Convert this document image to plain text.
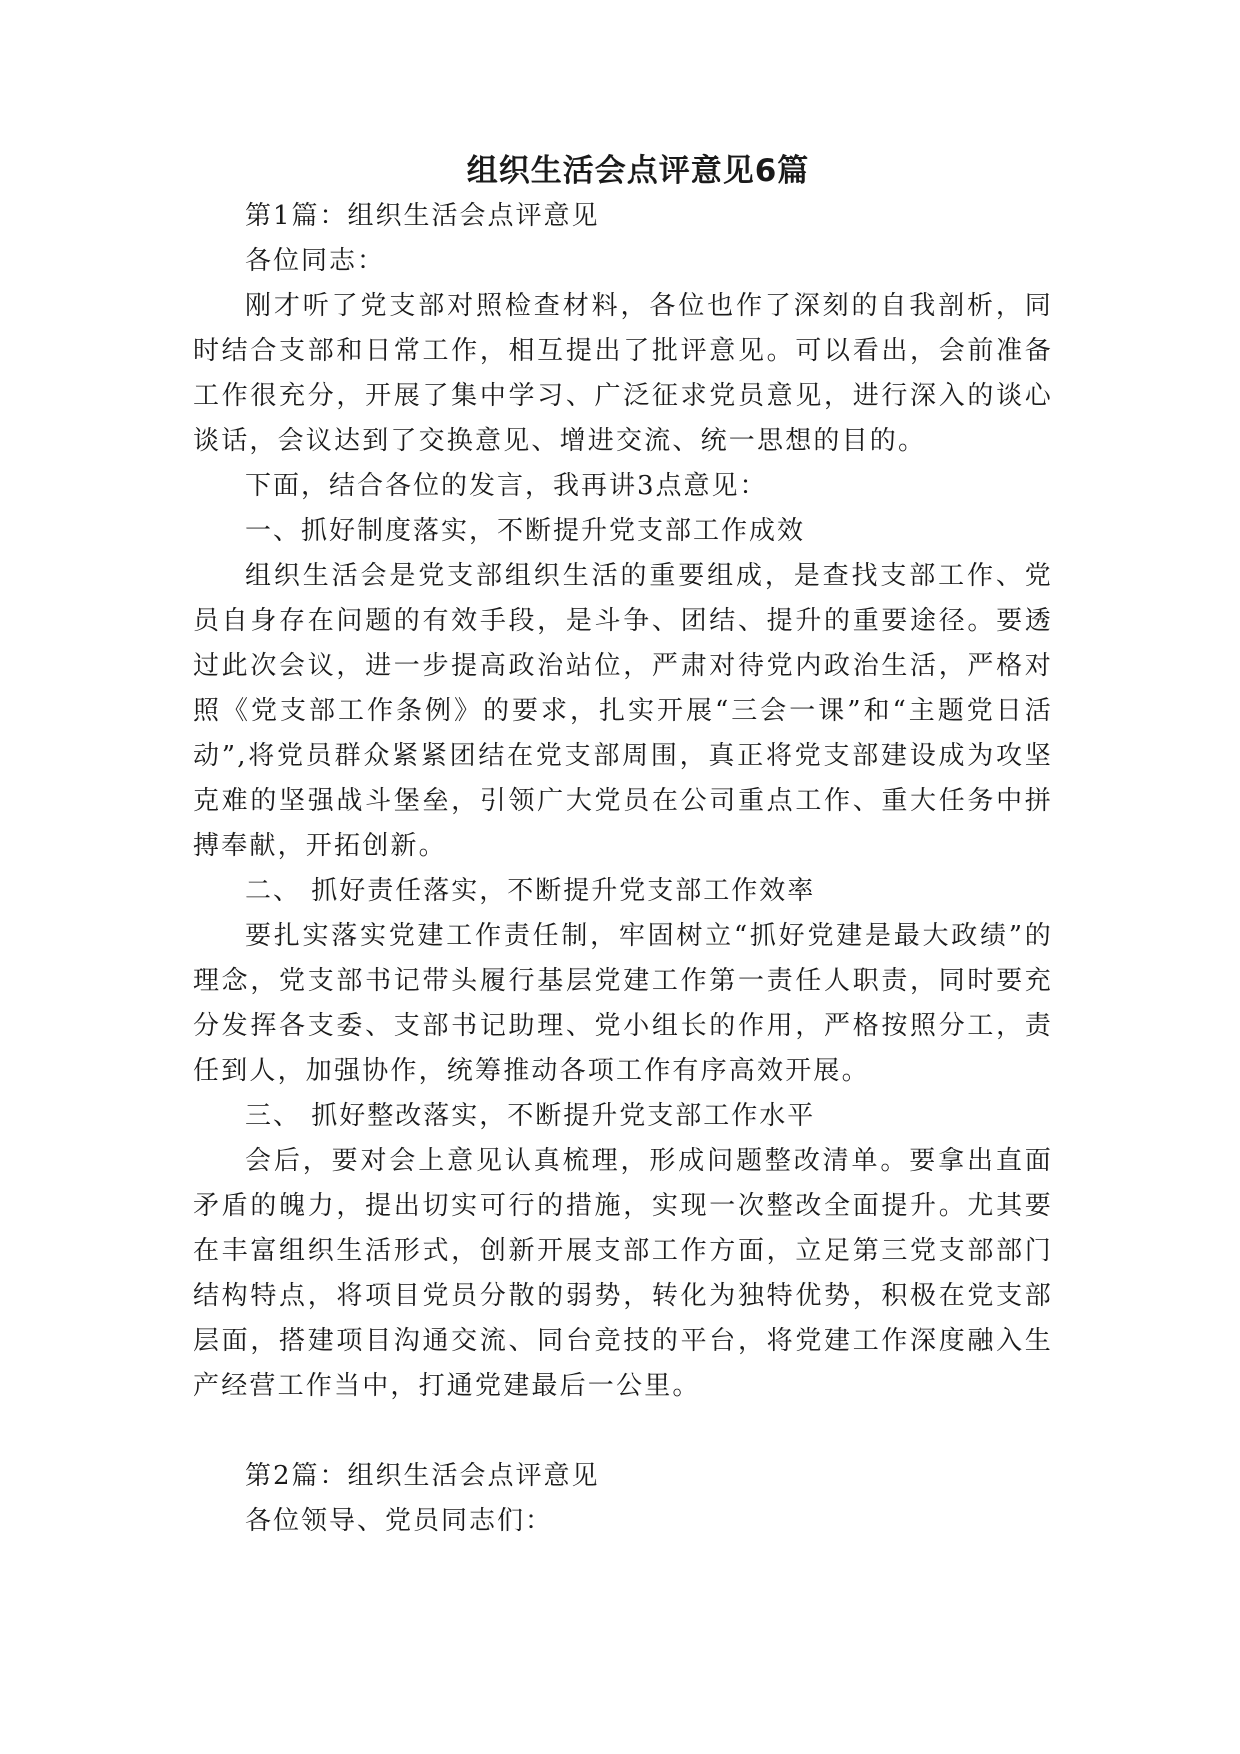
组织生活会点评意见6篇

第1篇：组织生活会点评意见

各位同志：

刚才听了党支部对照检查材料，各位也作了深刻的自我剖析，同时结合支部和日常工作，相互提出了批评意见。可以看出，会前准备工作很充分，开展了集中学习、广泛征求党员意见，进行深入的谈心谈话，会议达到了交换意见、增进交流、统一思想的目的。

下面，结合各位的发言，我再讲3点意见：

一、抓好制度落实，不断提升党支部工作成效

组织生活会是党支部组织生活的重要组成，是查找支部工作、党员自身存在问题的有效手段，是斗争、团结、提升的重要途径。要透过此次会议，进一步提高政治站位，严肃对待党内政治生活，严格对照《党支部工作条例》的要求，扎实开展“三会一课”和“主题党日活动”,将党员群众紧紧团结在党支部周围，真正将党支部建设成为攻坚克难的坚强战斗堡垒，引领广大党员在公司重点工作、重大任务中拼搏奉献，开拓创新。

二、 抓好责任落实，不断提升党支部工作效率

要扎实落实党建工作责任制，牢固树立“抓好党建是最大政绩”的理念，党支部书记带头履行基层党建工作第一责任人职责，同时要充分发挥各支委、支部书记助理、党小组长的作用，严格按照分工，责任到人，加强协作，统筹推动各项工作有序高效开展。

三、 抓好整改落实，不断提升党支部工作水平

会后，要对会上意见认真梳理，形成问题整改清单。要拿出直面矛盾的魄力，提出切实可行的措施，实现一次整改全面提升。尤其要在丰富组织生活形式，创新开展支部工作方面，立足第三党支部部门结构特点，将项目党员分散的弱势，转化为独特优势，积极在党支部层面，搭建项目沟通交流、同台竞技的平台，将党建工作深度融入生产经营工作当中，打通党建最后一公里。

第2篇：组织生活会点评意见

各位领导、党员同志们：
